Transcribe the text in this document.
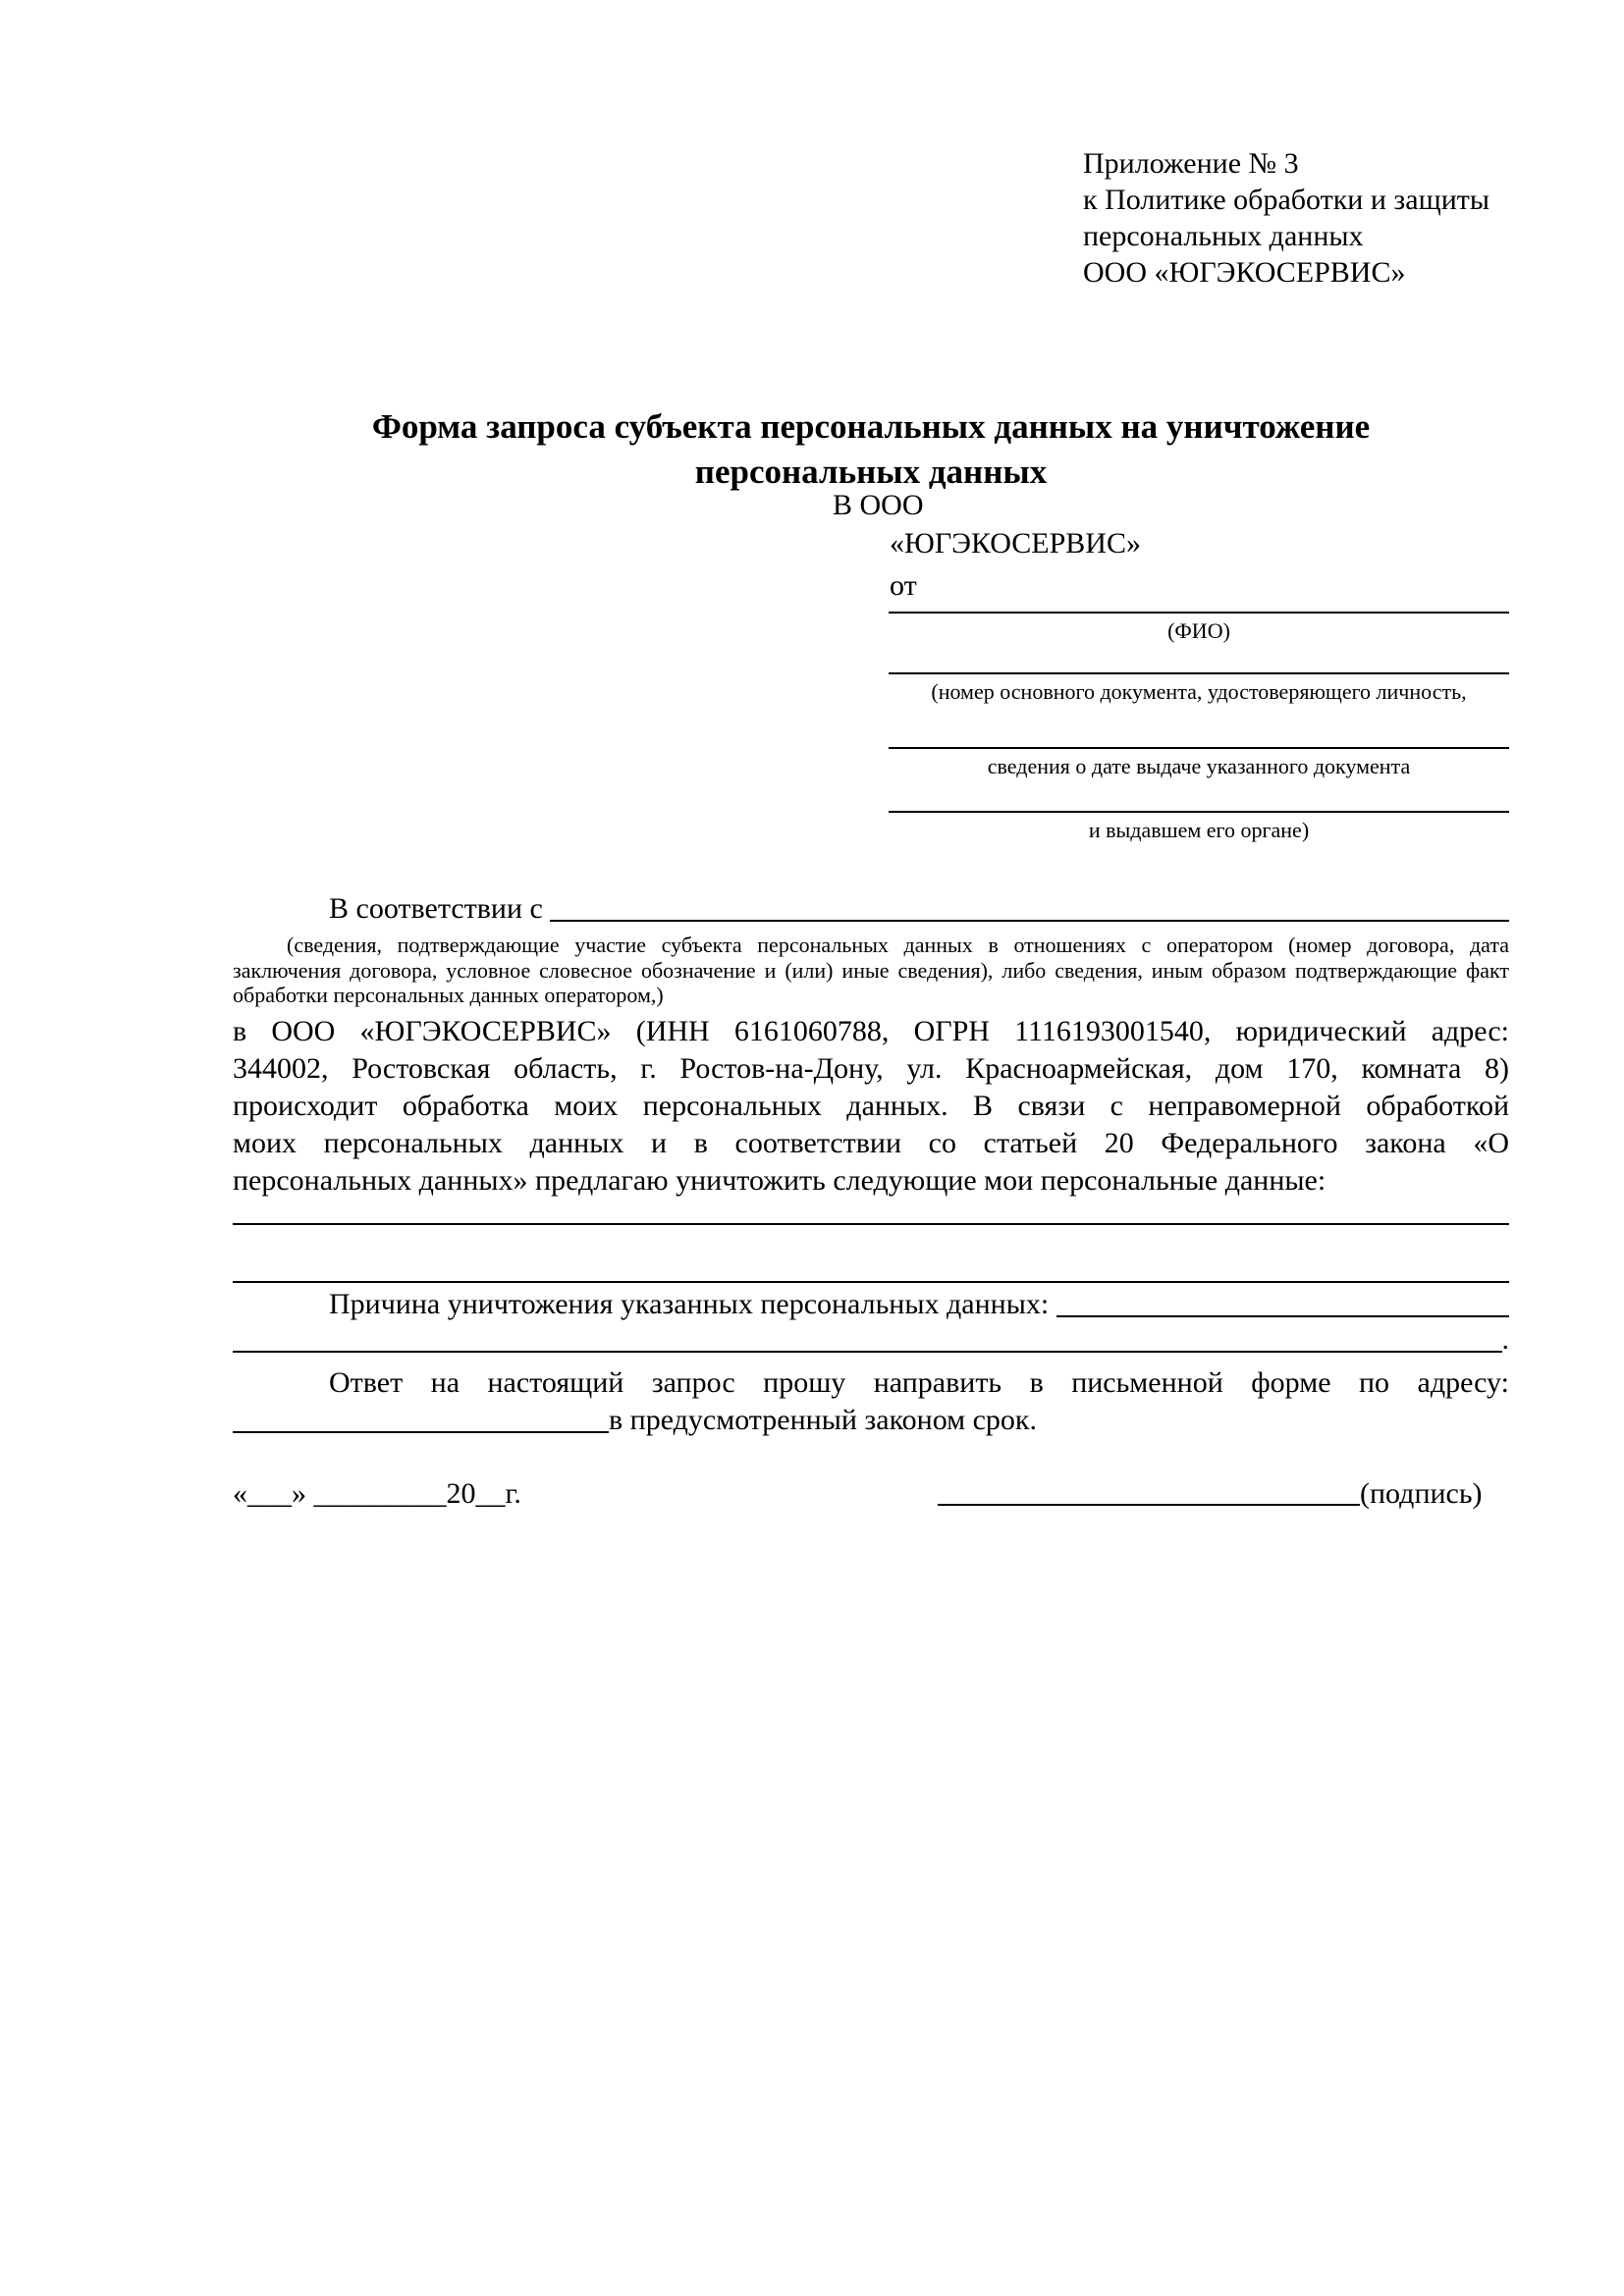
Приложение № 3
к Политике обработки и защиты
персональных данных
ООО «ЮГЭКОСЕРВИС»
Форма запроса субъекта персональных данных на уничтожение
персональных данных
В ООО
«ЮГЭКОСЕРВИС»
от
(ФИО)
(номер основного документа, удостоверяющего личность,
сведения о дате выдаче указанного документа
и выдавшем его органе)
В соответствии с
(сведения, подтверждающие участие субъекта персональных данных в отношениях с оператором (номер договора, дата
заключения договора, условное словесное обозначение и (или) иные сведения), либо сведения, иным образом подтверждающие факт
обработки персональных данных оператором,)
в ООО «ЮГЭКОСЕРВИС» (ИНН 6161060788, ОГРН 1116193001540, юридический адрес:
344002, Ростовская область, г. Ростов-на-Дону, ул. Красноармейская, дом 170, комната 8)
происходит обработка моих персональных данных. В связи с неправомерной обработкой
моих персональных данных и в соответствии со статьей 20 Федерального закона «О
персональных данных» предлагаю уничтожить следующие мои персональные данные:
Причина уничтожения указанных персональных данных:
.
Ответ на настоящий запрос прошу направить в письменной форме по адресу:
в предусмотренный законом срок.
«___» _________20__г.	(подпись)
